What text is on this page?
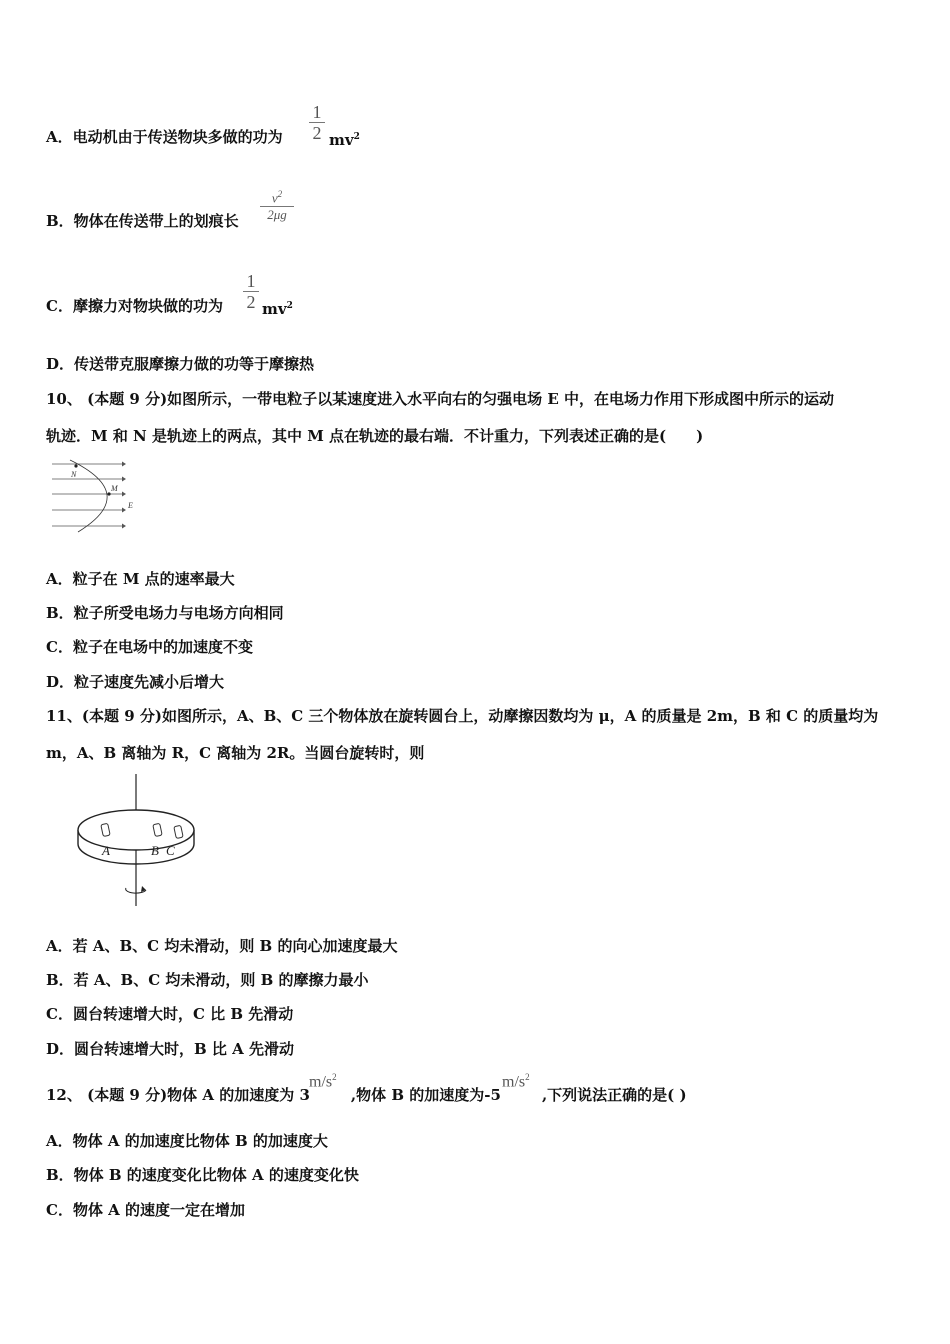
A．电动机由于传送物块多做的功为
1
2 $mv^2$
B．物体在传送带上的划痕长
$v^2$
2μg
C．摩擦力对物块做的功为
1
2 $mv^2$
D．传送带克服摩擦力做的功等于摩擦热
10、 (本题 9 分)如图所示，一带电粒子以某速度进入水平向右的匀强电场 E 中，在电场力作用下形成图中所示的运动
轨迹．M 和 N 是轨迹上的两点，其中 M 点在轨迹的最右端．不计重力，下列表述正确的是(　　)
N
M
E
A．粒子在 M 点的速率最大
B．粒子所受电场力与电场方向相同
C．粒子在电场中的加速度不变
D．粒子速度先减小后增大
11、(本题 9 分)如图所示，A、B、C 三个物体放在旋转圆台上，动摩擦因数均为 μ，A 的质量是 2m，B 和 C 的质量均为
m，A、B 离轴为 R，C 离轴为 2R。当圆台旋转时，则
A	B C
A．若 A、B、C 均未滑动，则 B 的向心加速度最大
B．若 A、B、C 均未滑动，则 B 的摩擦力最小
C．圆台转速增大时，C 比 B 先滑动
D．圆台转速增大时，B 比 A 先滑动
12、 (本题 9 分)物体 A 的加速度为 3	,物体 B 的加速度为-5	,下列说法正确的是( )
$m/s^2$	$m/s^2$
A．物体 A 的加速度比物体 B 的加速度大
B．物体 B 的速度变化比物体 A 的速度变化快
C．物体 A 的速度一定在增加
